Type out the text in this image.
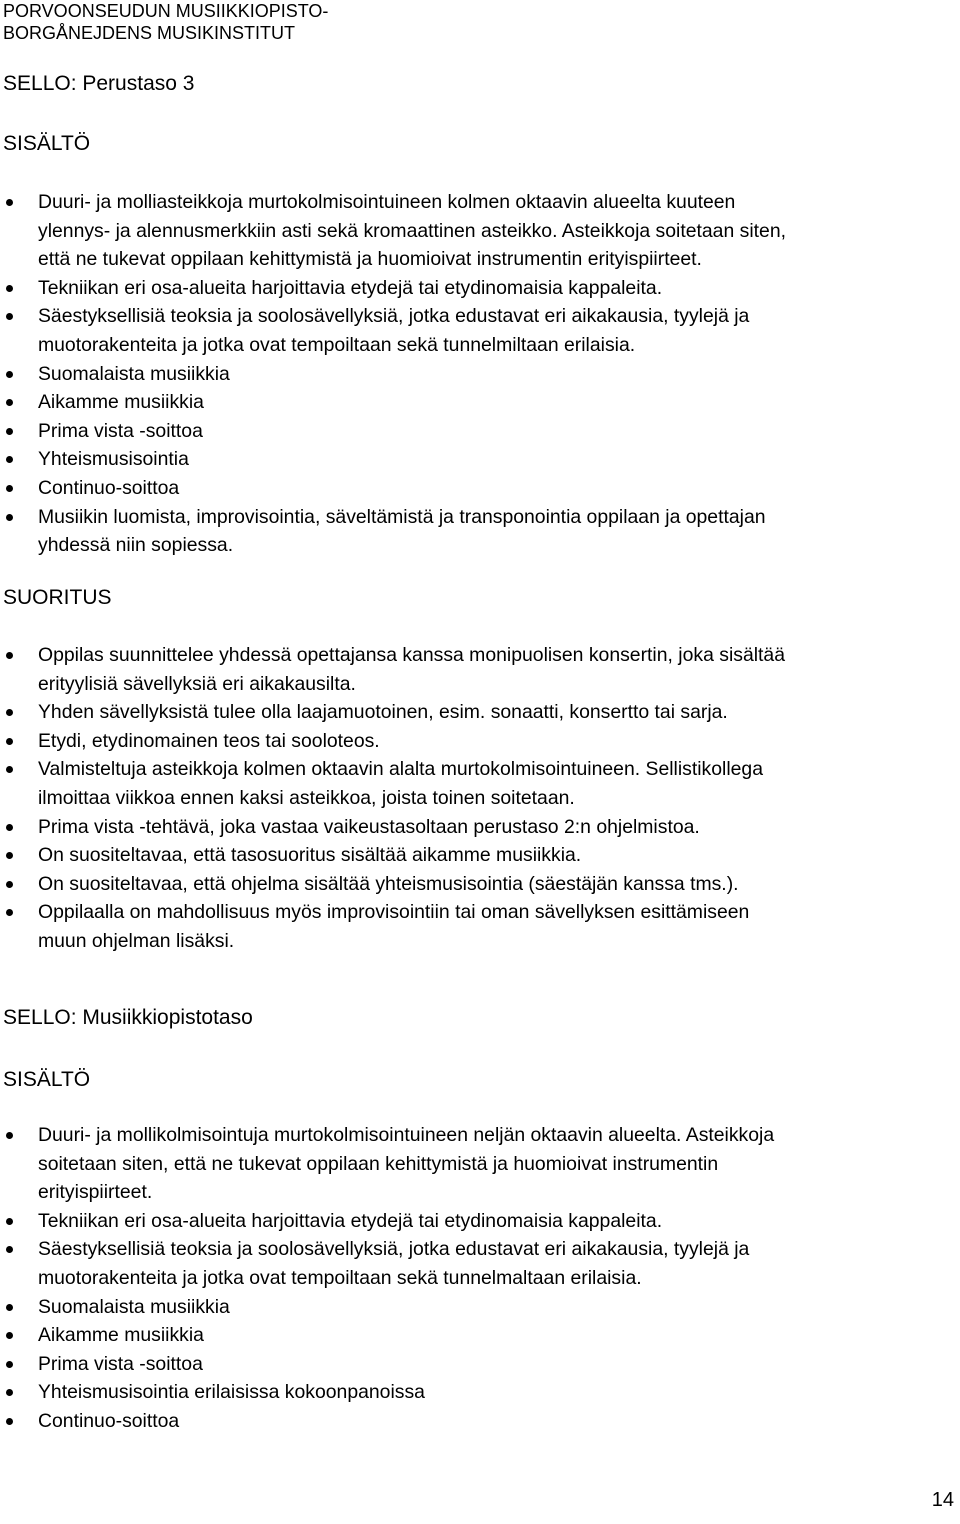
PORVOONSEUDUN MUSIIKKIOPISTO-
BORGÅNEJDENS MUSIKINSTITUT
SELLO: Perustaso 3
SISÄLTÖ
Duuri- ja molliasteikkoja murtokolmisointuineen kolmen oktaavin alueelta kuuteen
ylennys- ja alennusmerkkiin asti sekä kromaattinen asteikko. Asteikkoja soitetaan siten,
että ne tukevat oppilaan kehittymistä ja huomioivat instrumentin erityispiirteet.
Tekniikan eri osa-alueita harjoittavia etydejä tai etydinomaisia kappaleita.
Säestyksellisiä teoksia ja soolosävellyksiä, jotka edustavat eri aikakausia, tyylejä ja
muotorakenteita ja jotka ovat tempoiltaan sekä tunnelmiltaan erilaisia.
Suomalaista musiikkia
Aikamme musiikkia
Prima vista -soittoa
Yhteismusisointia
Continuo-soittoa
Musiikin luomista, improvisointia, säveltämistä ja transponointia oppilaan ja opettajan
yhdessä niin sopiessa.
SUORITUS
Oppilas suunnittelee yhdessä opettajansa kanssa monipuolisen konsertin, joka sisältää
erityylisiä sävellyksiä eri aikakausilta.
Yhden sävellyksistä tulee olla laajamuotoinen, esim. sonaatti, konsertto tai sarja.
Etydi, etydinomainen teos tai sooloteos.
Valmisteltuja asteikkoja kolmen oktaavin alalta murtokolmisointuineen. Sellistikollega
ilmoittaa viikkoa ennen kaksi asteikkoa, joista toinen soitetaan.
Prima vista -tehtävä, joka vastaa vaikeustasoltaan perustaso 2:n ohjelmistoa.
On suositeltavaa, että tasosuoritus sisältää aikamme musiikkia.
On suositeltavaa, että ohjelma sisältää yhteismusisointia (säestäjän kanssa tms.).
Oppilaalla on mahdollisuus myös improvisointiin tai oman sävellyksen esittämiseen
muun ohjelman lisäksi.
SELLO: Musiikkiopistotaso
SISÄLTÖ
Duuri- ja mollikolmisointuja murtokolmisointuineen neljän oktaavin alueelta. Asteikkoja
soitetaan siten, että ne tukevat oppilaan kehittymistä ja huomioivat instrumentin
erityispiirteet.
Tekniikan eri osa-alueita harjoittavia etydejä tai etydinomaisia kappaleita.
Säestyksellisiä teoksia ja soolosävellyksiä, jotka edustavat eri aikakausia, tyylejä ja
muotorakenteita ja jotka ovat tempoiltaan sekä tunnelmaltaan erilaisia.
Suomalaista musiikkia
Aikamme musiikkia
Prima vista -soittoa
Yhteismusisointia erilaisissa kokoonpanoissa
Continuo-soittoa
14
